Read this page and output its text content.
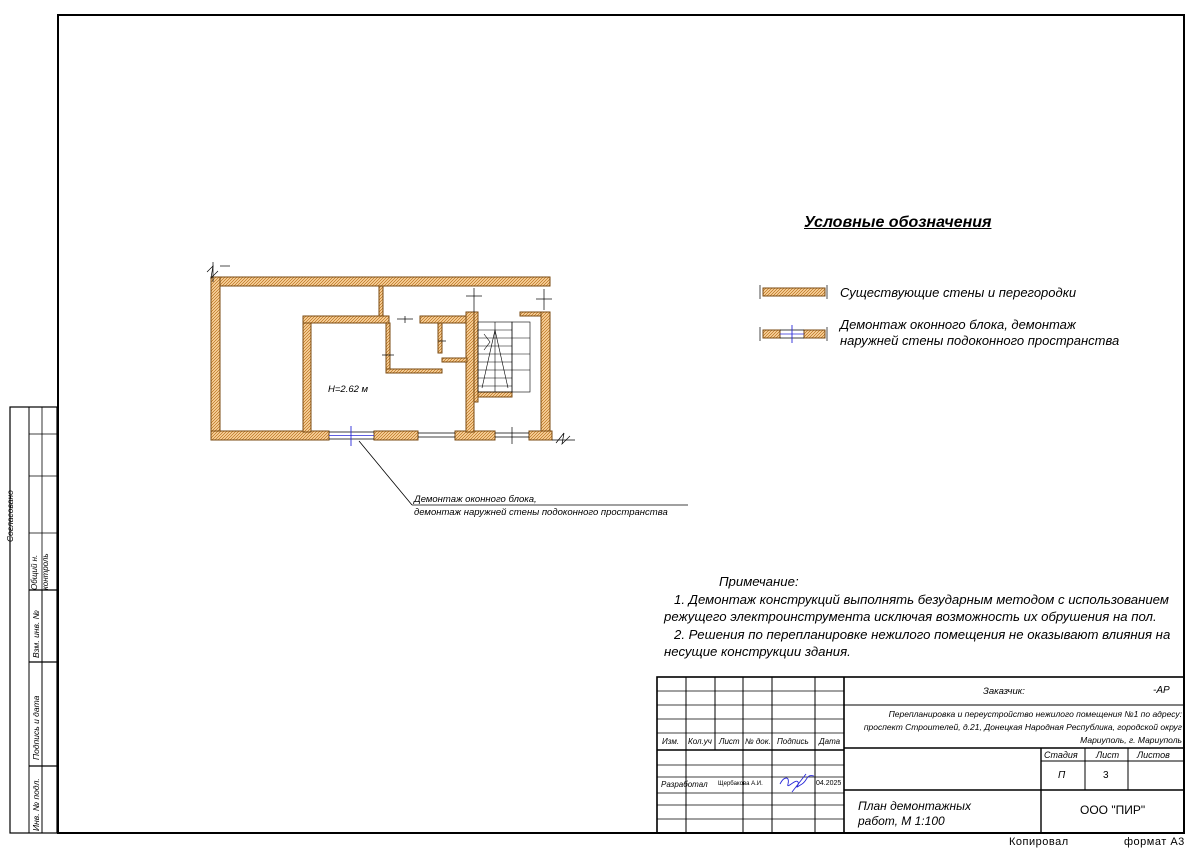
H=2.62 м
Демонтаж оконного блока,
демонтаж наружней стены подоконного пространства
Условные обозначения
Существующие стены и перегородки
Демонтаж оконного блока, демонтаж
наружней стены подоконного пространства

Примечание:

1. Демонтаж конструкций выполнять безударным методом с использованием режущего электроинструмента исключая возможность их обрушения на пол.

2. Решения по перепланировке нежилого помещения не оказывают влияния на несущие конструкции здания.

Изм. Кол.уч Лист № док. Подпись Дата
Разработал Щербакова А.И.	04.2025
Заказчик:	-АР
Перепланировка и переустройство нежилого помещения №1 по адресу: проспект Строителей, д.21, Донецкая Народная Республика, городской округ Мариуполь, г. Мариуполь
Стадия Лист Листов
П	3
План демонтажных
работ, М 1:100
ООО "ПИР"
Согласовано
Общий н. контроль
Взм. инв. №
Подпись и дата
Инв. № подл.
Копировал	формат А3
